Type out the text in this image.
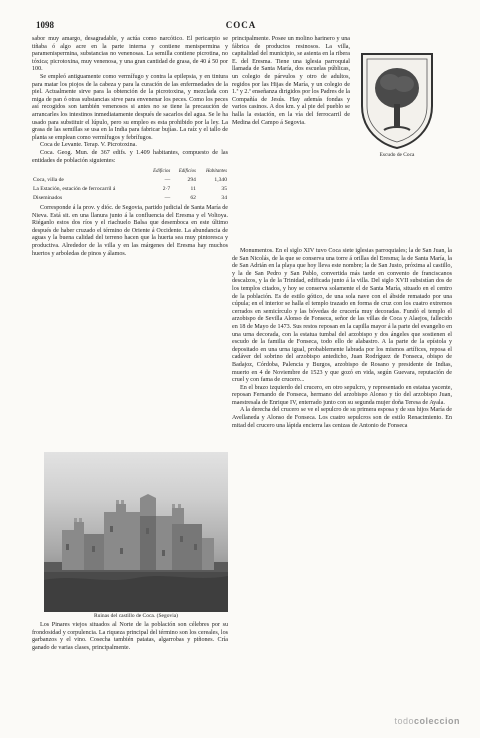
1098	COCA

sabor muy amargo, desagradable, y actúa como narcótico. El pericarpio se tiñaba ó algo acre en la parte interna y contiene menispermina y paramenispermina, substancias no venenosas. La semilla contiene picrotina, no tóxica; picrotoxina, muy venenosa, y una gran cantidad de grasa, de 40 á 50 por 100.

Se empleó antiguamente como vermífugo y contra la epilepsia, y en tintura para matar los piojos de la cabeza y para la curación de las enfermedades de la piel. Actualmente sirve para la obtención de la picrotoxina, y mezclada con miga de pan ó otras substancias sirve para envenenar los peces. Como los peces así recogidos son también venenosos si antes no se tiene la precaución de arrancarles los intestinos inmediatamente después de sacarlos del agua. Se le ha usado para substituir el lúpulo, pero su empleo es esta prohibido por la ley. La grasa de las semillas se usa en la India para fabricar bujías. La raíz y el tallo de planta se emplean como vermífugos y febrífugos.

Coca de Levante. Terap. V. Picrotoxina.

Coca. Geog. Mun. de 367 edifs. y 1.409 habitantes, compuesto de las entidades de población siguientes:

	Edificios	Edificios	Habitantes
Coca, villa de	—	294	1,340
La Estación, estación de ferrocarril á	2·7	11	35
Diseminados	—	62	34

Corresponde á la prov. y dióc. de Segovia, partido judicial de Santa María de Nieva. Está sit. en una llanura junto á la confluencia del Eresma y el Voltoya. Riéganlo estos dos ríos y el riachuelo Balsa que desemboca en este último después de haber cruzado el término de Oriente á Occidente. La abundancia de aguas y la buena calidad del terreno hacen que la huerta sea muy pintoresca y productiva. Alrededor de la villa y en las márgenes del Eresma hay muchos huertos y arboledas de pinos y álamos.

Ruinas del castillo de Coca. (Segovia)

Los Pinares viejos situados al Norte de la población son célebres por su frondosidad y corpulencia. La riqueza principal del término son los cereales, los garbanzos y el vino. Cosecha también patatas, algarrobas y piñones. Cría ganado de varias clases, principalmente.

principalmente. Posee un molino harinero y una fábrica de productos resinosos. La villa, capitalidad del municipio, se asienta en la ribera E. del Eresma. Tiene una iglesia parroquial llamada de Santa María, dos escuelas públicas, un colegio de párvulos y otro de adultos, regidos por las Hijas de María, y un colegio de 1.ª y 2.ª enseñanza dirigidos por los Padres de la Compañía de Jesús. Hay además fondas y varios casinos. A dos km. y al pie del pueblo se halla la estación, en la vía del ferrocarril de Medina del Campo á Segovia.

Escudo de Coca

Monumentos. En el siglo XIV tuvo Coca siete iglesias parroquiales; la de San Juan, la de San Nicolás, de la que se conserva una torre á orillas del Eresma; la de Santa María, la de San Adrián en la playa que hoy lleva este nombre; la de San Justo, próxima al castillo, y la de San Pedro y San Pablo, convertida más tarde en convento de franciscanos descalzos, y la de la Trinidad, edificada junto á la villa. Del siglo XVII subsistían dos de los templos citados, y hoy se conserva solamente el de Santa María, situado en el centro de la población. Es de estilo gótico, de una sola nave con el ábside rematado por una cúpula; en el interior se halla el templo trazado en forma de cruz con los cuatro extremos cerrados en semicírculo y las bóvedas de crucería muy decoradas. Fundó el templo el arzobispo de Sevilla Alonso de Fonseca, señor de las villas de Coca y Alaejos, fallecido en 18 de Mayo de 1473. Sus restos reposan en la capilla mayor á la parte del evangelio en una urna decorada, con la estatua tumbal del arzobispo y dos ángeles que sostienen el escudo de la familia de Fonseca, todo ello de alabastro. A la parte de la epístola y depositado en una urna igual, probablemente labrada por los mismos artífices, reposa el cadáver del sobrino del arzobispo antedicho, Juan Rodríguez de Fonseca, obispo de Badajoz, Córdoba, Palencia y Burgos, arzobispo de Rosano y presidente de Indias, muerto en 4 de Noviembre de 1523 y que gozó en vida, según Guevara, reputación de cruel y con fama de crucero...

En el brazo izquierdo del crucero, en otro sepulcro, y representado en estatua yacente, reposan Fernando de Fonseca, hermano del arzobispo Alonso y tío del arzobispo Juan, maestresala de Enrique IV, enterrado junto con su segunda mujer doña Teresa de Ayala.

A la derecha del crucero se ve el sepulcro de su primera esposa y de sus hijos María de Avellaneda y Alonso de Fonseca. Los cuatro sepulcros son de estilo Renacimiento. En mitad del crucero una lápida encierra las cenizas de Antonio de Fonseca

todocoleccion
